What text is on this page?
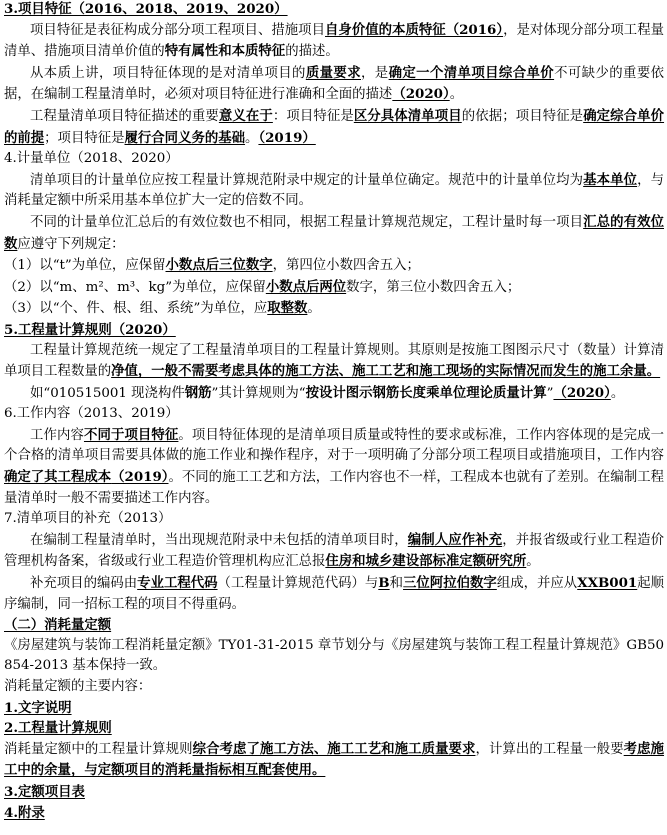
3.项目特征（2016、2018、2019、2020）

项目特征是表征构成分部分项工程项目、措施项目自身价值的本质特征（2016），是对体现分部分项工程量清单、措施项目清单价值的特有属性和本质特征的描述。

从本质上讲，项目特征体现的是对清单项目的质量要求，是确定一个清单项目综合单价不可缺少的重要依据，在编制工程量清单时，必须对项目特征进行准确和全面的描述（2020）。

工程量清单项目特征描述的重要意义在于：项目特征是区分具体清单项目的依据；项目特征是确定综合单价的前提；项目特征是履行合同义务的基础。（2019）

4.计量单位（2018、2020）

清单项目的计量单位应按工程量计算规范附录中规定的计量单位确定。规范中的计量单位均为基本单位，与消耗量定额中所采用基本单位扩大一定的倍数不同。

不同的计量单位汇总后的有效位数也不相同，根据工程量计算规范规定，工程计量时每一项目汇总的有效位数应遵守下列规定：

（1）以“t”为单位，应保留小数点后三位数字，第四位小数四舍五入；

（2）以“m、m²、m³、kg”为单位，应保留小数点后两位数字，第三位小数四舍五入；

（3）以“个、件、根、组、系统”为单位，应取整数。

5.工程量计算规则（2020）

工程量计算规范统一规定了工程量清单项目的工程量计算规则。其原则是按施工图图示尺寸（数量）计算清单项目工程数量的净值，一般不需要考虑具体的施工方法、施工工艺和施工现场的实际情况而发生的施工余量。

如“010515001 现浇构件钢筋”其计算规则为“按设计图示钢筋长度乘单位理论质量计算”（2020）。

6.工作内容（2013、2019）

工作内容不同于项目特征。项目特征体现的是清单项目质量或特性的要求或标准，工作内容体现的是完成一个合格的清单项目需要具体做的施工作业和操作程序，对于一项明确了分部分项工程项目或措施项目，工作内容确定了其工程成本（2019）。不同的施工工艺和方法，工作内容也不一样，工程成本也就有了差别。在编制工程量清单时一般不需要描述工作内容。

7.清单项目的补充（2013）

在编制工程量清单时，当出现规范附录中未包括的清单项目时，编制人应作补充，并报省级或行业工程造价管理机构备案，省级或行业工程造价管理机构应汇总报住房和城乡建设部标准定额研究所。

补充项目的编码由专业工程代码（工程量计算规范代码）与B和三位阿拉伯数字组成，并应从XXB001起顺序编制，同一招标工程的项目不得重码。

（二）消耗量定额

《房屋建筑与装饰工程消耗量定额》TY01-31-2015 章节划分与《房屋建筑与装饰工程工程量计算规范》GB50854-2013 基本保持一致。

消耗量定额的主要内容：

1.文字说明

2.工程量计算规则

消耗量定额中的工程量计算规则综合考虑了施工方法、施工工艺和施工质量要求，计算出的工程量一般要考虑施工中的余量，与定额项目的消耗量指标相互配套使用。

3.定额项目表

4.附录
